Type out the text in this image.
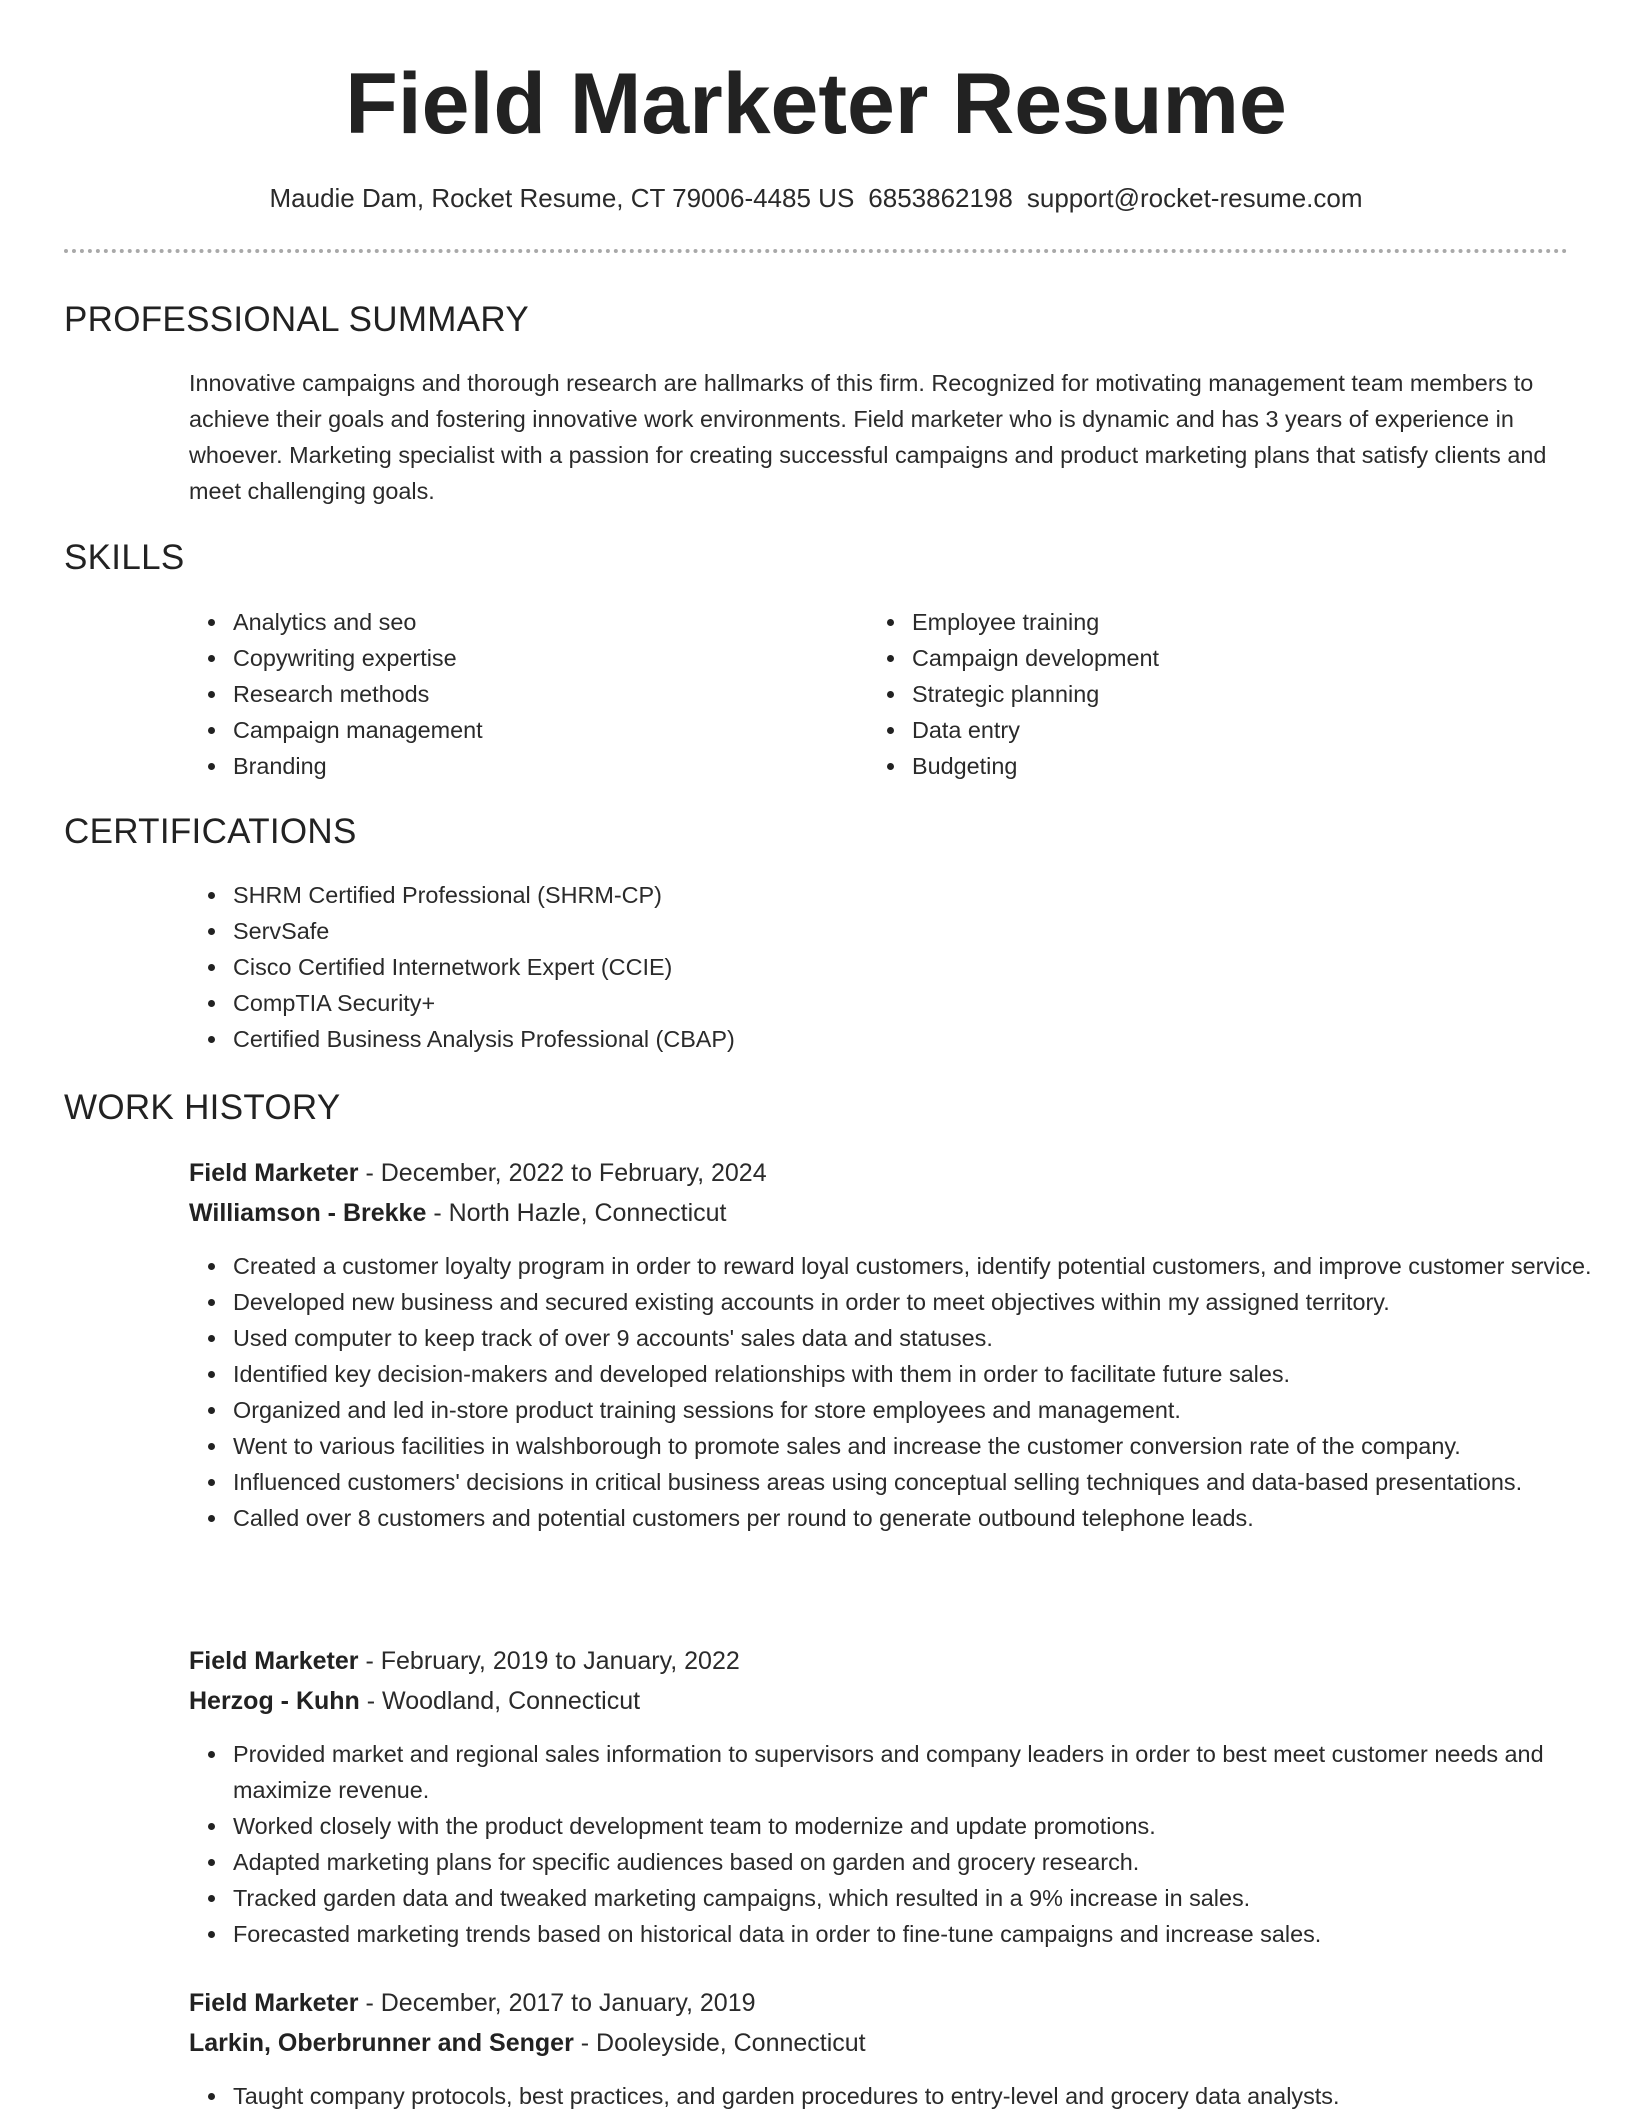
Field Marketer Resume
Maudie Dam, Rocket Resume, CT 79006-4485 US 6853862198 support@rocket-resume.com
PROFESSIONAL SUMMARY

Innovative campaigns and thorough research are hallmarks of this firm. Recognized for motivating management team members to achieve their goals and fostering innovative work environments. Field marketer who is dynamic and has 3 years of experience in whoever. Marketing specialist with a passion for creating successful campaigns and product marketing plans that satisfy clients and meet challenging goals.

SKILLS
Analytics and seo
Copywriting expertise
Research methods
Campaign management
Branding
Employee training
Campaign development
Strategic planning
Data entry
Budgeting
CERTIFICATIONS
SHRM Certified Professional (SHRM-CP)
ServSafe
Cisco Certified Internetwork Expert (CCIE)
CompTIA Security+
Certified Business Analysis Professional (CBAP)
WORK HISTORY
Field Marketer - December, 2022 to February, 2024
Williamson - Brekke - North Hazle, Connecticut
Created a customer loyalty program in order to reward loyal customers, identify potential customers, and improve customer service.
Developed new business and secured existing accounts in order to meet objectives within my assigned territory.
Used computer to keep track of over 9 accounts' sales data and statuses.
Identified key decision-makers and developed relationships with them in order to facilitate future sales.
Organized and led in-store product training sessions for store employees and management.
Went to various facilities in walshborough to promote sales and increase the customer conversion rate of the company.
Influenced customers' decisions in critical business areas using conceptual selling techniques and data-based presentations.
Called over 8 customers and potential customers per round to generate outbound telephone leads.
Field Marketer - February, 2019 to January, 2022
Herzog - Kuhn - Woodland, Connecticut
Provided market and regional sales information to supervisors and company leaders in order to best meet customer needs and maximize revenue.
Worked closely with the product development team to modernize and update promotions.
Adapted marketing plans for specific audiences based on garden and grocery research.
Tracked garden data and tweaked marketing campaigns, which resulted in a 9% increase in sales.
Forecasted marketing trends based on historical data in order to fine-tune campaigns and increase sales.
Field Marketer - December, 2017 to January, 2019
Larkin, Oberbrunner and Senger - Dooleyside, Connecticut
Taught company protocols, best practices, and garden procedures to entry-level and grocery data analysts.
